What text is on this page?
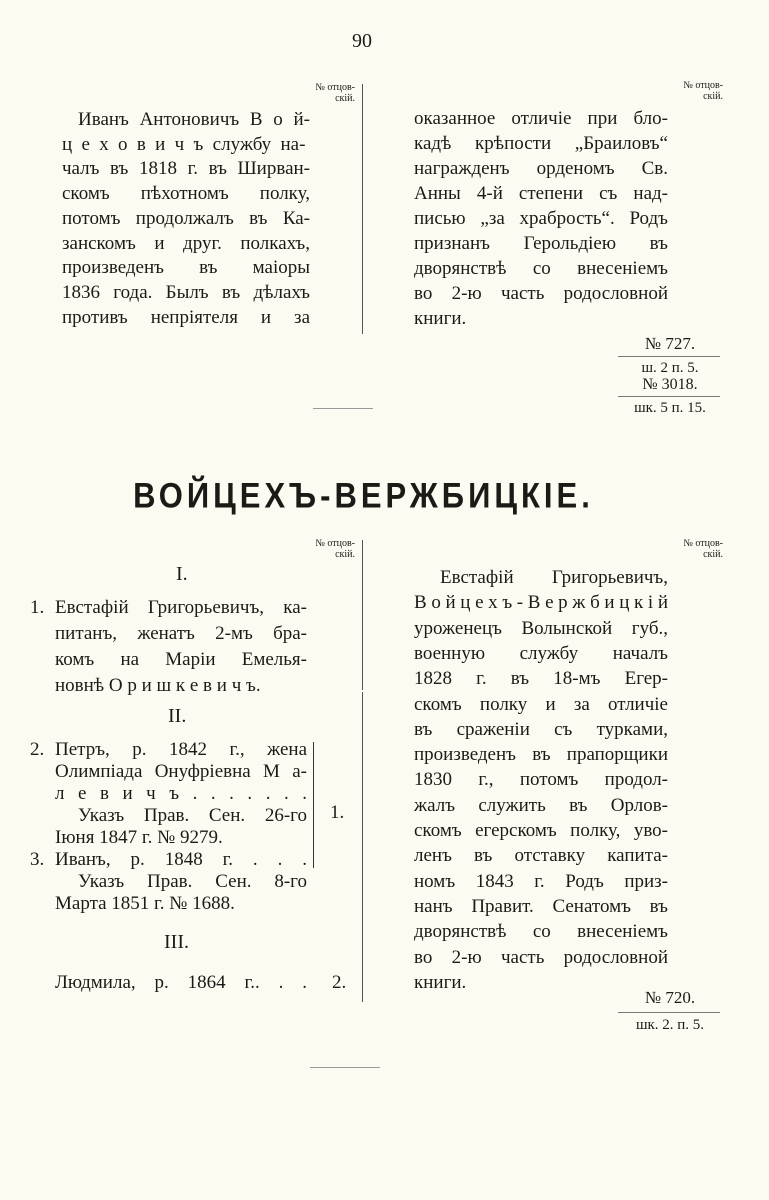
90
№ отцов-
скій.
Иванъ Антоновичъ В о й-
ц е х о в и ч ъ службу на-
чалъ въ 1818 г. въ Ширван-
скомъ пѣхотномъ полку,
потомъ продолжалъ въ Ка-
занскомъ и друг. полкахъ,
произведенъ въ маіоры
1836 года. Былъ въ дѣлахъ
противъ непріятеля и за
№ отцов-
скій.
оказанное отличіе при бло-
кадѣ крѣпости „Браиловъ“
награжденъ орденомъ Св.
Анны 4-й степени съ над-
писью „за храбрость“. Родъ
признанъ Герольдіею въ
дворянствѣ со внесеніемъ
во 2-ю часть родословной
книги.
№ 727.
ш. 2 п. 5.
№ 3018.
шк. 5 п. 15.
ВОЙЦЕХЪ-ВЕРЖБИЦКІЕ.
№ отцов-
скій.
I.
1. Евстафій Григорьевичъ, ка-
питанъ, женатъ 2-мъ бра-
комъ на Маріи Емелья-
новнѣ О р и ш к е в и ч ъ.
II.
2. Петръ, р. 1842 г., жена
Олимпіада Онуфріевна М а-
л е в и ч ъ . . . . . . .
Указъ Прав. Сен. 26-го
Іюня 1847 г. № 9279.
3. Иванъ, р. 1848 г. . . .
Указъ Прав. Сен. 8-го
Марта 1851 г. № 1688.
1.
III.
Людмила, р. 1864 г.. . . 2.
№ отцов-
скій.
Евстафій Григорьевичъ,
В о й ц е х ъ - В е р ж б и ц к і й
уроженецъ Волынской губ.,
военную службу началъ
1828 г. въ 18-мъ Егер-
скомъ полку и за отличіе
въ сраженіи съ турками,
произведенъ въ прапорщики
1830 г., потомъ продол-
жалъ служить въ Орлов-
скомъ егерскомъ полку, уво-
ленъ въ отставку капита-
номъ 1843 г. Родъ приз-
нанъ Правит. Сенатомъ въ
дворянствѣ со внесеніемъ
во 2-ю часть родословной
книги.
№ 720.
шк. 2. п. 5.
